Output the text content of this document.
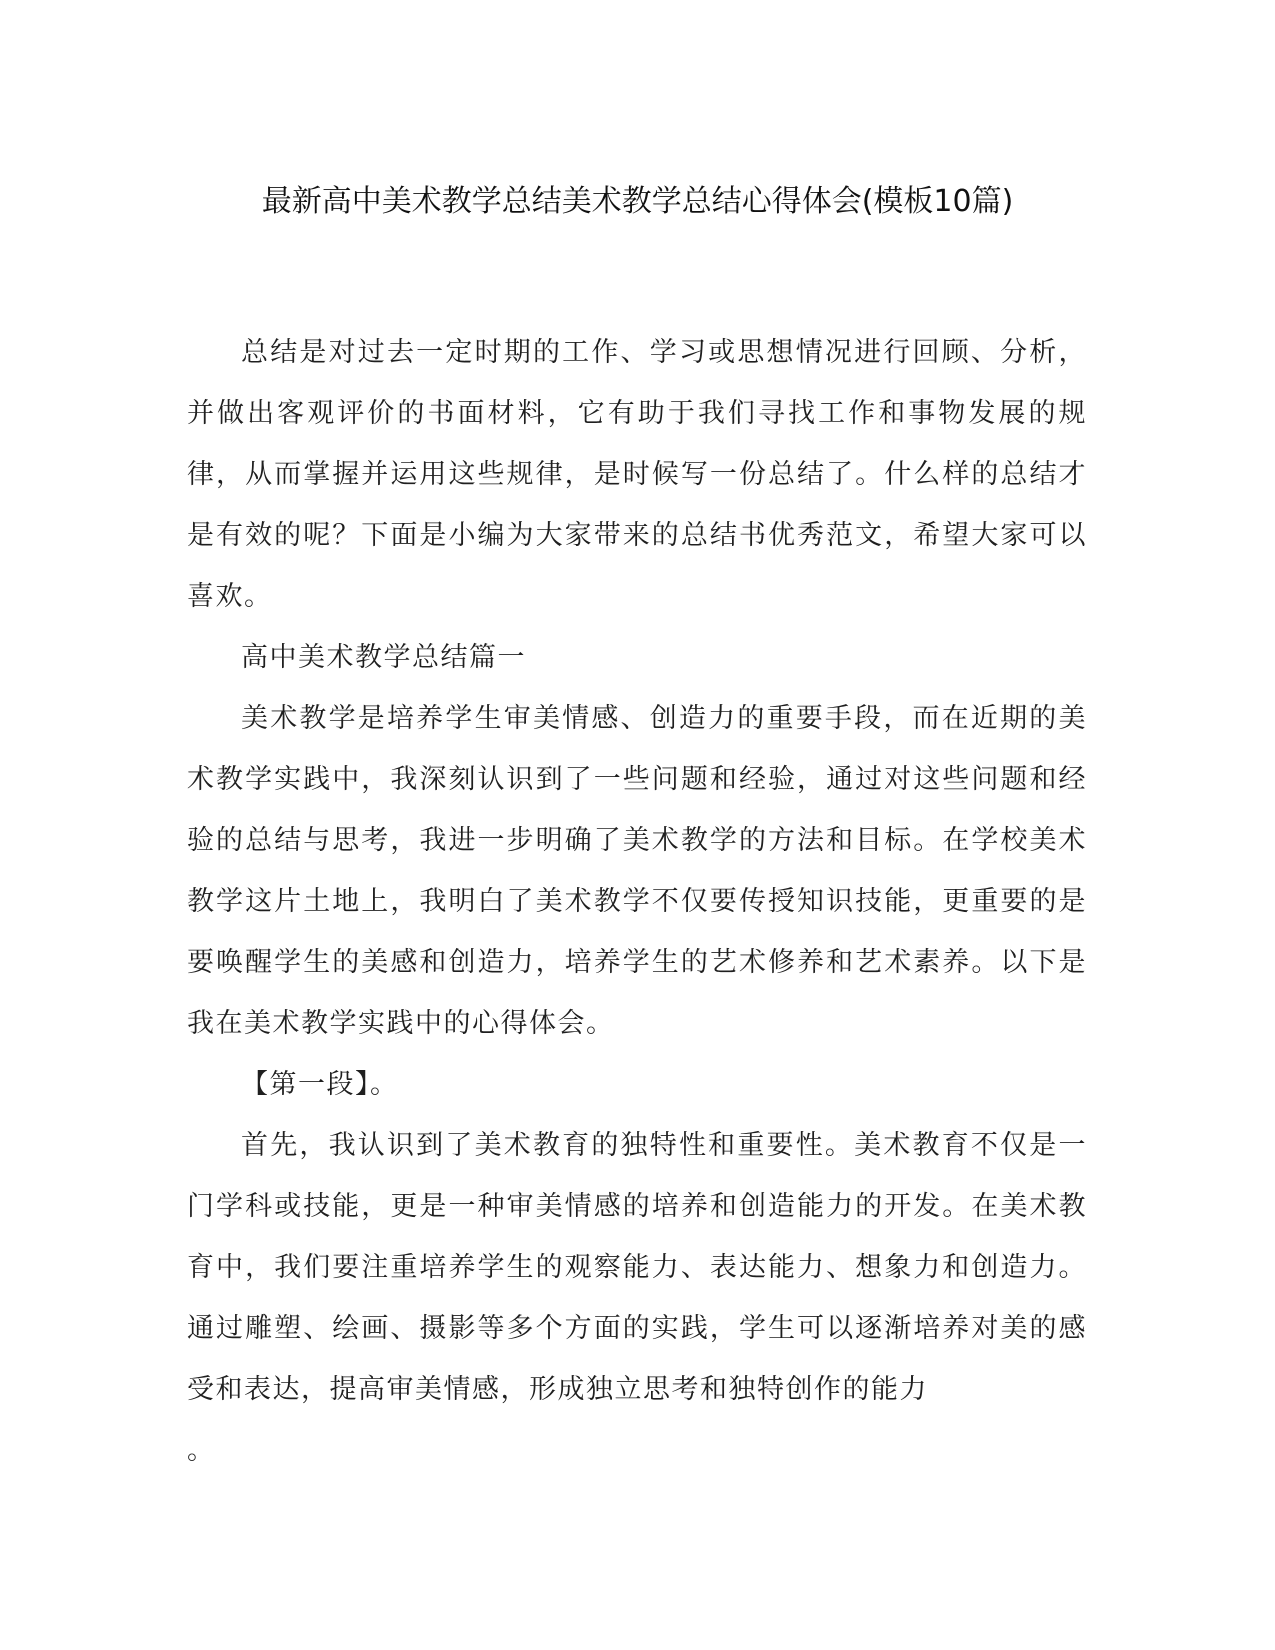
最新高中美术教学总结美术教学总结心得体会(模板10篇)

总结是对过去一定时期的工作、学习或思想情况进行回顾、分析，并做出客观评价的书面材料，它有助于我们寻找工作和事物发展的规律，从而掌握并运用这些规律，是时候写一份总结了。什么样的总结才是有效的呢？下面是小编为大家带来的总结书优秀范文，希望大家可以喜欢。

高中美术教学总结篇一

美术教学是培养学生审美情感、创造力的重要手段，而在近期的美术教学实践中，我深刻认识到了一些问题和经验，通过对这些问题和经验的总结与思考，我进一步明确了美术教学的方法和目标。在学校美术教学这片土地上，我明白了美术教学不仅要传授知识技能，更重要的是要唤醒学生的美感和创造力，培养学生的艺术修养和艺术素养。以下是我在美术教学实践中的心得体会。

【第一段】。

首先，我认识到了美术教育的独特性和重要性。美术教育不仅是一门学科或技能，更是一种审美情感的培养和创造能力的开发。在美术教育中，我们要注重培养学生的观察能力、表达能力、想象力和创造力。通过雕塑、绘画、摄影等多个方面的实践，学生可以逐渐培养对美的感受和表达，提高审美情感，形成独立思考和独特创作的能力

。
